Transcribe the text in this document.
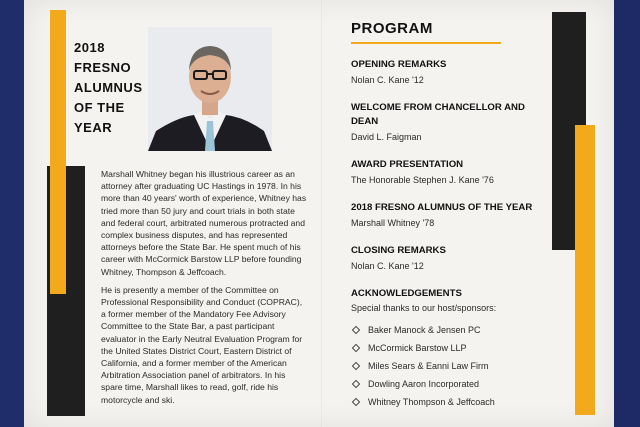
2018
FRESNO
ALUMNUS
OF THE
YEAR

Marshall Whitney began his illustrious career as an attorney after graduating UC Hastings in 1978. In his more than 40 years' worth of experience, Whitney has tried more than 50 jury and court trials in both state and federal court, arbitrated numerous protracted and complex business disputes, and has represented attorneys before the State Bar. He spent much of his career with McCormick Barstow LLP before founding Whitney, Thompson & Jeffcoach.

He is presently a member of the Committee on Professional Responsibility and Conduct (COPRAC), a former member of the Mandatory Fee Advisory Committee to the State Bar, a past participant evaluator in the Early Neutral Evaluation Program for the United States District Court, Eastern District of California, and a former member of the American Arbitration Association panel of arbitrators. In his spare time, Marshall likes to read, golf, ride his motorcycle and ski.

PROGRAM
OPENING REMARKS
Nolan C. Kane '12
WELCOME FROM CHANCELLOR AND DEAN
David L. Faigman
AWARD PRESENTATION
The Honorable Stephen J. Kane '76
2018 FRESNO ALUMNUS OF THE YEAR
Marshall Whitney '78
CLOSING REMARKS
Nolan C. Kane '12
ACKNOWLEDGEMENTS
Special thanks to our host/sponsors:
Baker Manock & Jensen PC
McCormick Barstow LLP
Miles Sears & Eanni Law Firm
Dowling Aaron Incorporated
Whitney Thompson & Jeffcoach
